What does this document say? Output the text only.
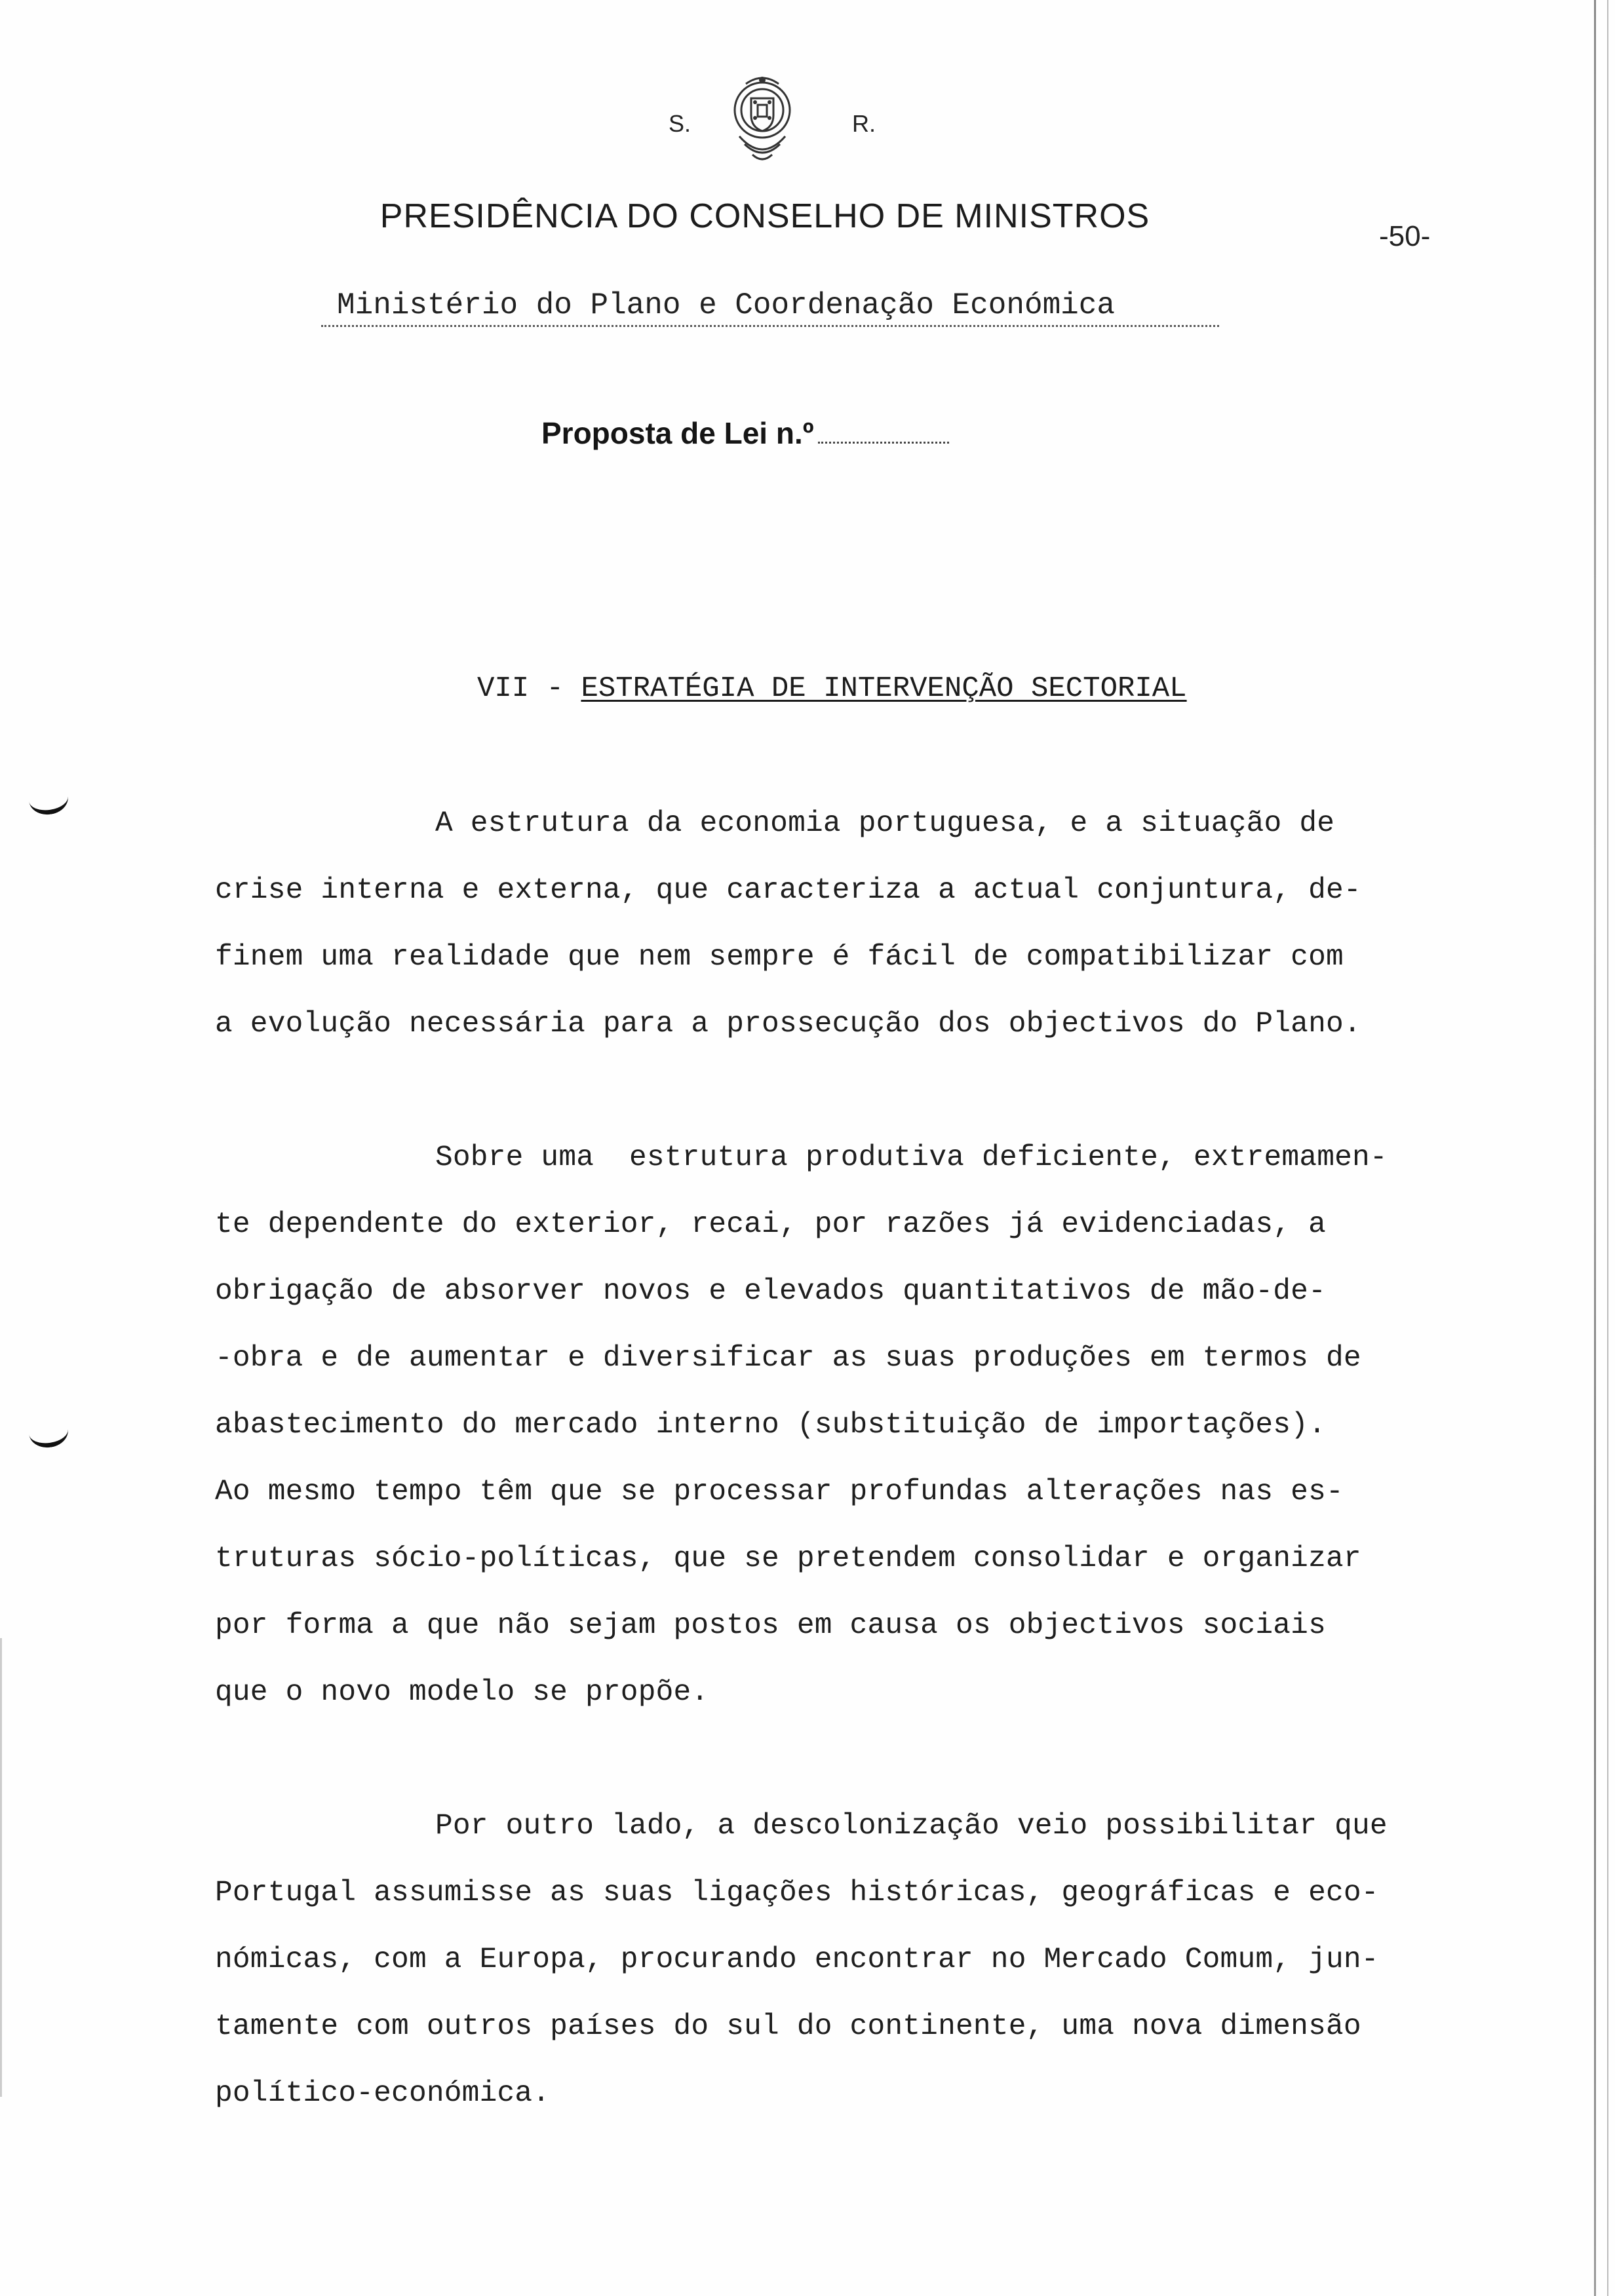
S.	R.
PRESIDÊNCIA DO CONSELHO DE MINISTROS
-50-
Ministério do Plano e Coordenação Económica
Proposta de Lei n.º
VII - ESTRATÉGIA DE INTERVENÇÃO SECTORIAL
A estrutura da economia portuguesa, e a situação de
crise interna e externa, que caracteriza a actual conjuntura, de-
finem uma realidade que nem sempre é fácil de compatibilizar com
a evolução necessária para a prossecução dos objectivos do Plano.
Sobre uma  estrutura produtiva deficiente, extremamen-
te dependente do exterior, recai, por razões já evidenciadas, a
obrigação de absorver novos e elevados quantitativos de mão-de-
-obra e de aumentar e diversificar as suas produções em termos de
abastecimento do mercado interno (substituição de importações).
Ao mesmo tempo têm que se processar profundas alterações nas es-
truturas sócio-políticas, que se pretendem consolidar e organizar
por forma a que não sejam postos em causa os objectivos sociais
que o novo modelo se propõe.
Por outro lado, a descolonização veio possibilitar que
Portugal assumisse as suas ligações históricas, geográficas e eco-
nómicas, com a Europa, procurando encontrar no Mercado Comum, jun-
tamente com outros países do sul do continente, uma nova dimensão
político-económica.
